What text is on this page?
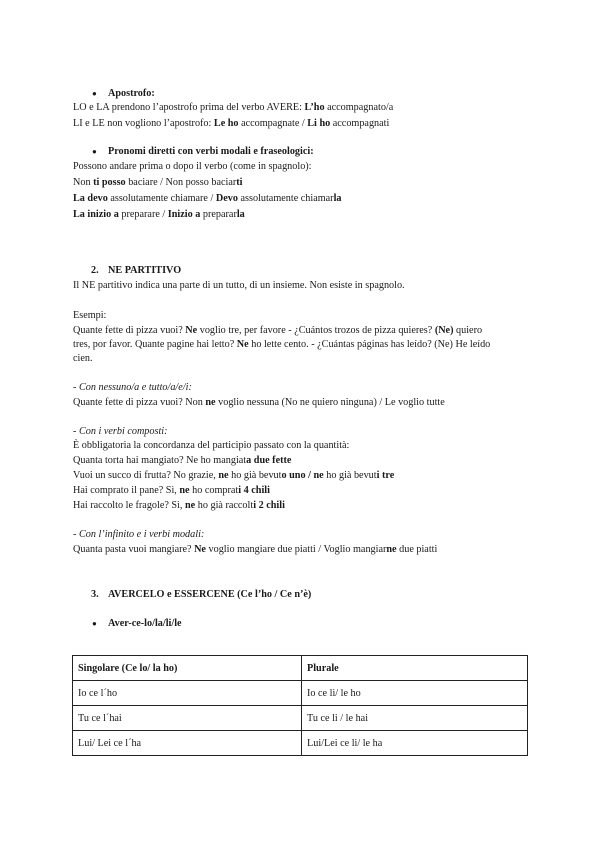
● Apostrofo:
LO e LA prendono l’apostrofo prima del verbo AVERE: L’ho accompagnato/a
LI e LE non vogliono l’apostrofo: Le ho accompagnate / Li ho accompagnati
● Pronomi diretti con verbi modali e fraseologici:
Possono andare prima o dopo il verbo (come in spagnolo):
Non ti posso baciare / Non posso baciarti
La devo assolutamente chiamare / Devo assolutamente chiamarla
La inizio a preparare / Inizio a prepararla
2. NE PARTITIVO
Il NE partitivo indica una parte di un tutto, di un insieme. Non esiste in spagnolo.
Esempi:
Quante fette di pizza vuoi? Ne voglio tre, per favore - ¿Cuántos trozos de pizza quieres? (Ne) quiero
tres, por favor. Quante pagine hai letto? Ne ho lette cento. - ¿Cuántas páginas has leído? (Ne) He leído
cien.
- Con nessuno/a e tutto/a/e/i:
Quante fette di pizza vuoi? Non ne voglio nessuna (No ne quiero ninguna) / Le voglio tutte
- Con i verbi composti:
È obbligatoria la concordanza del participio passato con la quantità:
Quanta torta hai mangiato? Ne ho mangiata due fette
Vuoi un succo di frutta? No grazie, ne ho già bevuto uno / ne ho già bevuti tre
Hai comprato il pane? Sì, ne ho comprati 4 chili
Hai raccolto le fragole? Sì, ne ho già raccolti 2 chili
- Con l’infinito e i verbi modali:
Quanta pasta vuoi mangiare? Ne voglio mangiare due piatti / Voglio mangiarne due piatti
3. AVERCELO e ESSERCENE (Ce l’ho / Ce n’è)
● Aver-ce-lo/la/li/le
Singolare (Ce lo/ la ho)	Plurale
Io ce l´ho	Io ce li/ le ho
Tu ce l´hai	Tu ce li / le hai
Lui/ Lei ce l´ha	Lui/Lei ce li/ le ha
